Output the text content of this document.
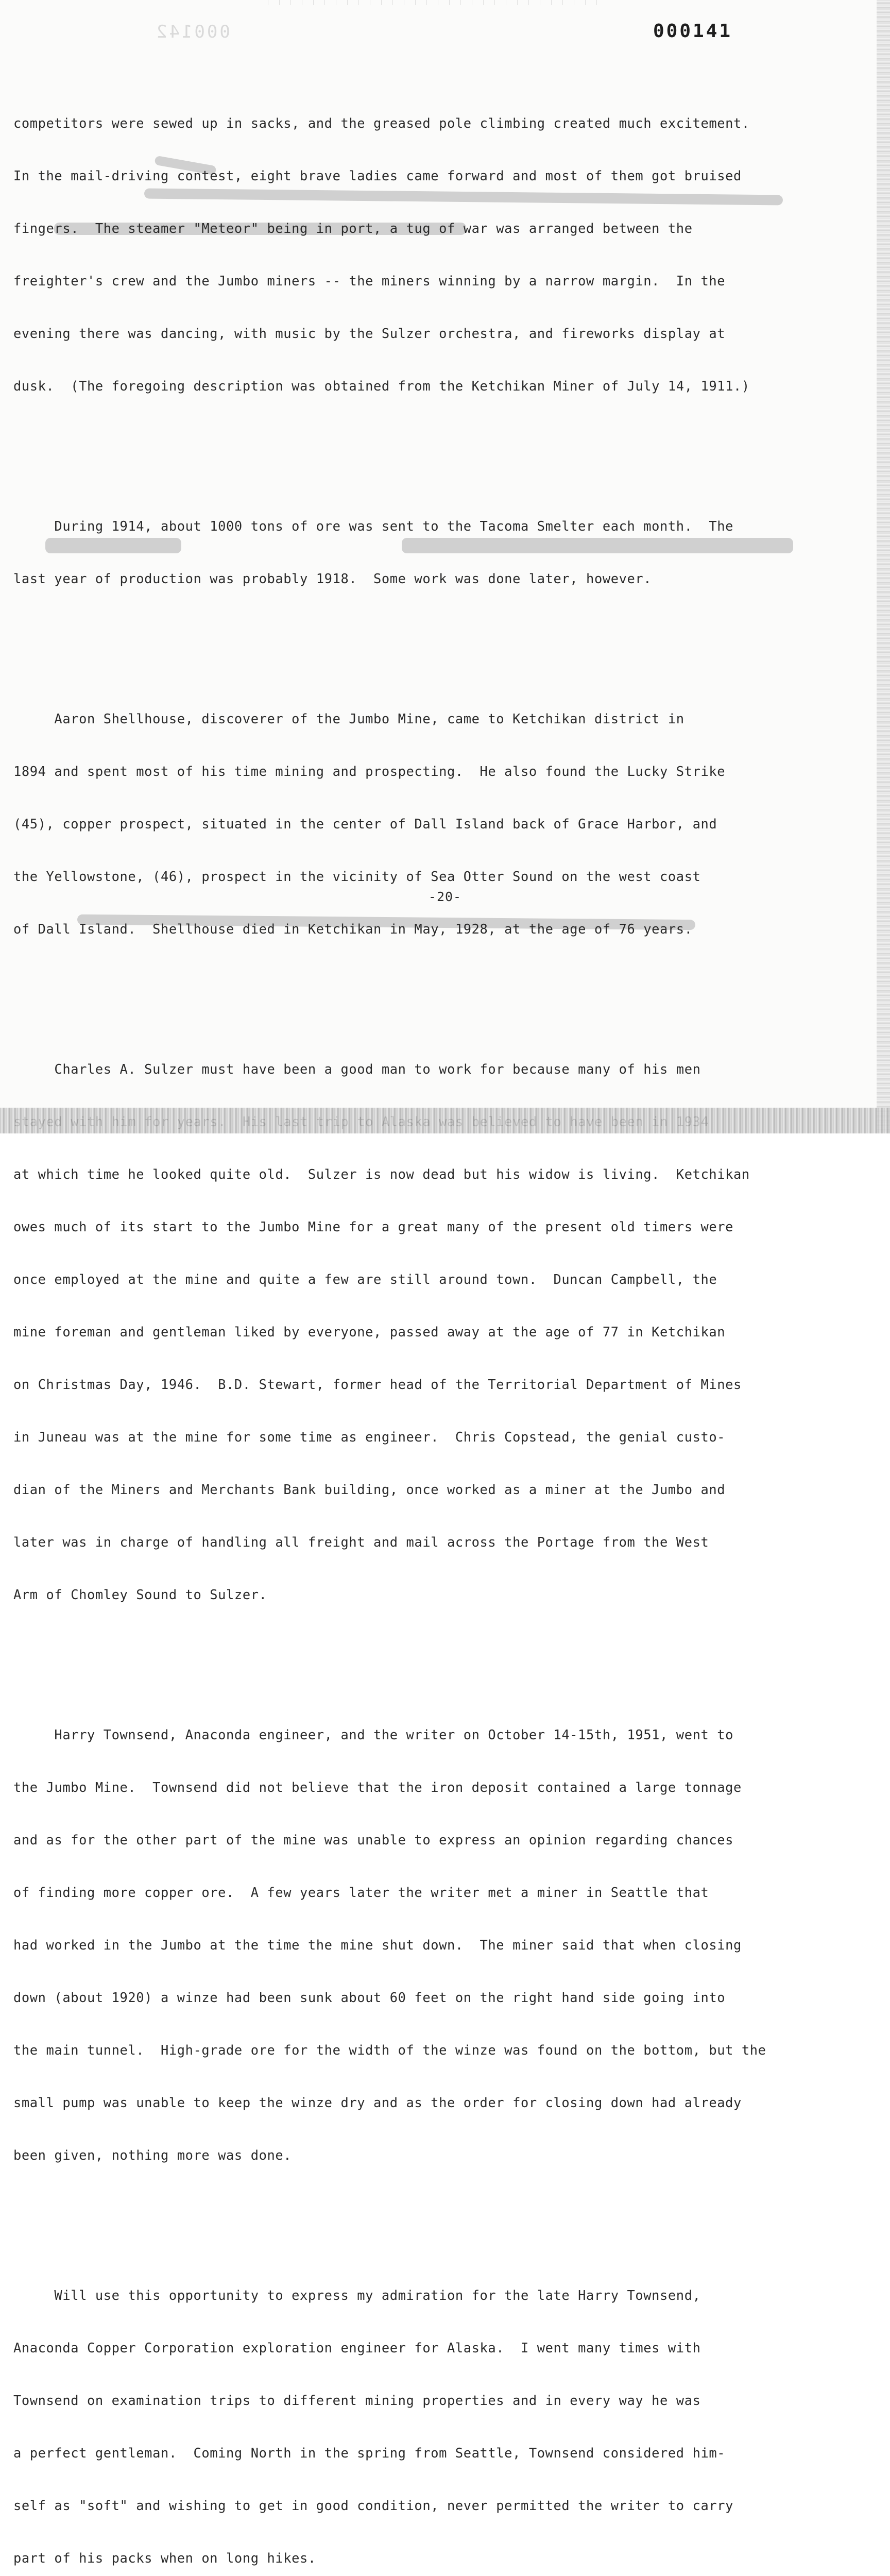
000142	000141

competitors were sewed up in sacks, and the greased pole climbing created much excitement.

In the mail-driving contest, eight brave ladies came forward and most of them got bruised

fingers.  The steamer "Meteor" being in port, a tug of war was arranged between the

freighter's crew and the Jumbo miners -- the miners winning by a narrow margin.  In the

evening there was dancing, with music by the Sulzer orchestra, and fireworks display at

dusk.  (The foregoing description was obtained from the Ketchikan Miner of July 14, 1911.)

During 1914, about 1000 tons of ore was sent to the Tacoma Smelter each month.  The

last year of production was probably 1918.  Some work was done later, however.

Aaron Shellhouse, discoverer of the Jumbo Mine, came to Ketchikan district in

1894 and spent most of his time mining and prospecting.  He also found the Lucky Strike

(45), copper prospect, situated in the center of Dall Island back of Grace Harbor, and

the Yellowstone, (46), prospect in the vicinity of Sea Otter Sound on the west coast

of Dall Island.  Shellhouse died in Ketchikan in May, 1928, at the age of 76 years.

Charles A. Sulzer must have been a good man to work for because many of his men

at which time he looked quite old.  Sulzer is now dead but his widow is living.  Ketchikan

owes much of its start to the Jumbo Mine for a great many of the present old timers were

once employed at the mine and quite a few are still around town.  Duncan Campbell, the

mine foreman and gentleman liked by everyone, passed away at the age of 77 in Ketchikan

on Christmas Day, 1946.  B.D. Stewart, former head of the Territorial Department of Mines

in Juneau was at the mine for some time as engineer.  Chris Copstead, the genial custo-

dian of the Miners and Merchants Bank building, once worked as a miner at the Jumbo and

later was in charge of handling all freight and mail across the Portage from the West

Arm of Chomley Sound to Sulzer.

Harry Townsend, Anaconda engineer, and the writer on October 14-15th, 1951, went to

the Jumbo Mine.  Townsend did not believe that the iron deposit contained a large tonnage

and as for the other part of the mine was unable to express an opinion regarding chances

of finding more copper ore.  A few years later the writer met a miner in Seattle that

had worked in the Jumbo at the time the mine shut down.  The miner said that when closing

down (about 1920) a winze had been sunk about 60 feet on the right hand side going into

the main tunnel.  High-grade ore for the width of the winze was found on the bottom, but the

small pump was unable to keep the winze dry and as the order for closing down had already

been given, nothing more was done.

Will use this opportunity to express my admiration for the late Harry Townsend,

Anaconda Copper Corporation exploration engineer for Alaska.  I went many times with

Townsend on examination trips to different mining properties and in every way he was

a perfect gentleman.  Coming North in the spring from Seattle, Townsend considered him-

self as "soft" and wishing to get in good condition, never permitted the writer to carry

part of his packs when on long hikes.

-20-
